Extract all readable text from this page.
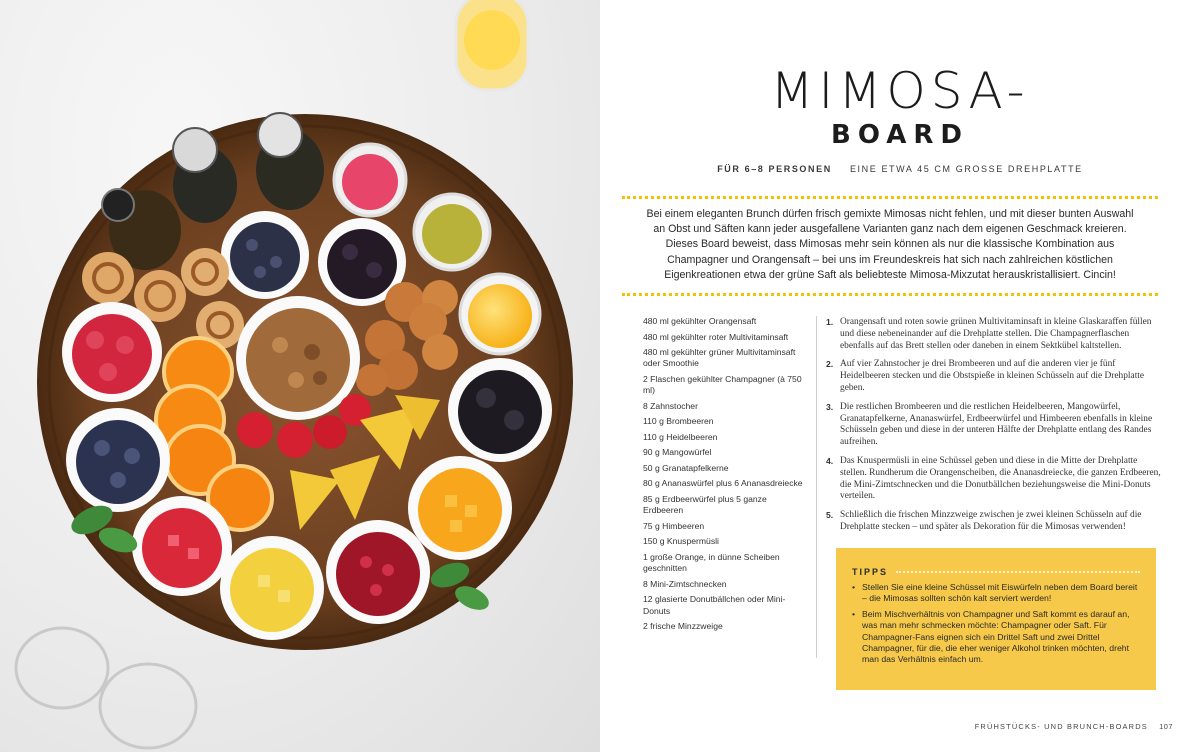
MIMOSA-
BOARD
FÜR 6–8 PERSONEN EINE ETWA 45 CM GROSSE DREHPLATTE
Bei einem eleganten Brunch dürfen frisch gemixte Mimosas nicht fehlen, und mit dieser bunten Auswahl an Obst und Säften kann jeder ausgefallene Varianten ganz nach dem eigenen Geschmack kreieren. Dieses Board beweist, dass Mimosas mehr sein können als nur die klassische Kombination aus Champagner und Orangensaft – bei uns im Freundeskreis hat sich nach zahlreichen köstlichen Eigenkreationen etwa der grüne Saft als beliebteste Mimosa-Mixzutat herauskristallisiert. Cincin!
480 ml gekühlter Orangensaft
480 ml gekühlter roter Multivitaminsaft
480 ml gekühlter grüner Multivitaminsaft oder Smoothie
2 Flaschen gekühlter Champagner (à 750 ml)
8 Zahnstocher
110 g Brombeeren
110 g Heidelbeeren
90 g Mangowürfel
50 g Granatapfelkerne
80 g Ananaswürfel plus 6 Ananasdreiecke
85 g Erdbeerwürfel plus 5 ganze Erdbeeren
75 g Himbeeren
150 g Knuspermüsli
1 große Orange, in dünne Scheiben geschnitten
8 Mini-Zimtschnecken
12 glasierte Donutbällchen oder Mini-Donuts
2 frische Minzzweige
1. Orangensaft und roten sowie grünen Multivitaminsaft in kleine Glaskaraffen füllen und diese nebeneinander auf die Drehplatte stellen. Die Champagnerflaschen ebenfalls auf das Brett stellen oder daneben in einem Sektkübel kaltstellen.
2. Auf vier Zahnstocher je drei Brombeeren und auf die anderen vier je fünf Heidelbeeren stecken und die Obstspieße in kleinen Schüsseln auf die Drehplatte geben.
3. Die restlichen Brombeeren und die restlichen Heidelbeeren, Mangowürfel, Granatapfelkerne, Ananaswürfel, Erdbeerwürfel und Himbeeren ebenfalls in kleine Schüsseln geben und diese in der unteren Hälfte der Drehplatte entlang des Randes aufreihen.
4. Das Knuspermüsli in eine Schüssel geben und diese in die Mitte der Drehplatte stellen. Rundherum die Orangenscheiben, die Ananasdreiecke, die ganzen Erdbeeren, die Mini-Zimtschnecken und die Donutbällchen beziehungsweise die Mini-Donuts verteilen.
5. Schließlich die frischen Minzzweige zwischen je zwei kleinen Schüsseln auf die Drehplatte stecken – und später als Dekoration für die Mimosas verwenden!
TIPPS
• Stellen Sie eine kleine Schüssel mit Eiswürfeln neben dem Board bereit – die Mimosas sollten schön kalt serviert werden!
• Beim Mischverhältnis von Champagner und Saft kommt es darauf an, was man mehr schmecken möchte: Champagner oder Saft. Für Champagner-Fans eignen sich ein Drittel Saft und zwei Drittel Champagner, für die, die eher weniger Alkohol trinken möchten, dreht man das Verhältnis einfach um.
FRÜHSTÜCKS- UND BRUNCH-BOARDS 107
